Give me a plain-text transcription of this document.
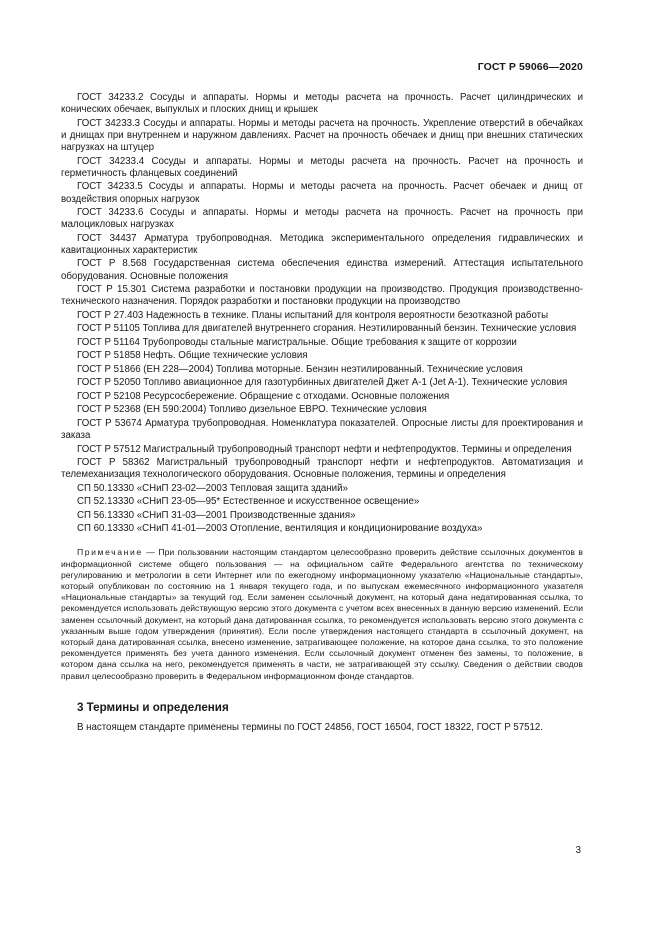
ГОСТ Р 59066—2020

ГОСТ 34233.2 Сосуды и аппараты. Нормы и методы расчета на прочность. Расчет цилиндрических и конических обечаек, выпуклых и плоских днищ и крышек

ГОСТ 34233.3 Сосуды и аппараты. Нормы и методы расчета на прочность. Укрепление отверстий в обечайках и днищах при внутреннем и наружном давлениях. Расчет на прочность обечаек и днищ при внешних статических нагрузках на штуцер

ГОСТ 34233.4 Сосуды и аппараты. Нормы и методы расчета на прочность. Расчет на прочность и герметичность фланцевых соединений

ГОСТ 34233.5 Сосуды и аппараты. Нормы и методы расчета на прочность. Расчет обечаек и днищ от воздействия опорных нагрузок

ГОСТ 34233.6 Сосуды и аппараты. Нормы и методы расчета на прочность. Расчет на прочность при малоцикловых нагрузках

ГОСТ 34437 Арматура трубопроводная. Методика экспериментального определения гидравлических и кавитационных характеристик

ГОСТ Р 8.568 Государственная система обеспечения единства измерений. Аттестация испытательного оборудования. Основные положения

ГОСТ Р 15.301 Система разработки и постановки продукции на производство. Продукция производственно-технического назначения. Порядок разработки и постановки продукции на производство

ГОСТ Р 27.403 Надежность в технике. Планы испытаний для контроля вероятности безотказной работы

ГОСТ Р 51105 Топлива для двигателей внутреннего сгорания. Неэтилированный бензин. Технические условия

ГОСТ Р 51164 Трубопроводы стальные магистральные. Общие требования к защите от коррозии

ГОСТ Р 51858 Нефть. Общие технические условия

ГОСТ Р 51866 (ЕН 228—2004) Топлива моторные. Бензин неэтилированный. Технические условия

ГОСТ Р 52050 Топливо авиационное для газотурбинных двигателей Джет А-1 (Jet A-1). Технические условия

ГОСТ Р 52108 Ресурсосбережение. Обращение с отходами. Основные положения

ГОСТ Р 52368 (ЕН 590:2004) Топливо дизельное ЕВРО. Технические условия

ГОСТ Р 53674 Арматура трубопроводная. Номенклатура показателей. Опросные листы для проектирования и заказа

ГОСТ Р 57512 Магистральный трубопроводный транспорт нефти и нефтепродуктов. Термины и определения

ГОСТ Р 58362 Магистральный трубопроводный транспорт нефти и нефтепродуктов. Автоматизация и телемеханизация технологического оборудования. Основные положения, термины и определения

СП 50.13330 «СНиП 23-02—2003 Тепловая защита зданий»

СП 52.13330 «СНиП 23-05—95* Естественное и искусственное освещение»

СП 56.13330 «СНиП 31-03—2001 Производственные здания»

СП 60.13330 «СНиП 41-01—2003 Отопление, вентиляция и кондиционирование воздуха»

Примечание — При пользовании настоящим стандартом целесообразно проверить действие ссылочных документов в информационной системе общего пользования — на официальном сайте Федерального агентства по техническому регулированию и метрологии в сети Интернет или по ежегодному информационному указателю «Национальные стандарты», который опубликован по состоянию на 1 января текущего года, и по выпускам ежемесячного информационного указателя «Национальные стандарты» за текущий год. Если заменен ссылочный документ, на который дана недатированная ссылка, то рекомендуется использовать действующую версию этого документа с учетом всех внесенных в данную версию изменений. Если заменен ссылочный документ, на который дана датированная ссылка, то рекомендуется использовать версию этого документа с указанным выше годом утверждения (принятия). Если после утверждения настоящего стандарта в ссылочный документ, на который дана датированная ссылка, внесено изменение, затрагивающее положение, на которое дана ссылка, то это положение рекомендуется применять без учета данного изменения. Если ссылочный документ отменен без замены, то положение, в котором дана ссылка на него, рекомендуется применять в части, не затрагивающей эту ссылку. Сведения о действии сводов правил целесообразно проверить в Федеральном информационном фонде стандартов.

3 Термины и определения

В настоящем стандарте применены термины по ГОСТ 24856, ГОСТ 16504, ГОСТ 18322, ГОСТ Р 57512.

3
